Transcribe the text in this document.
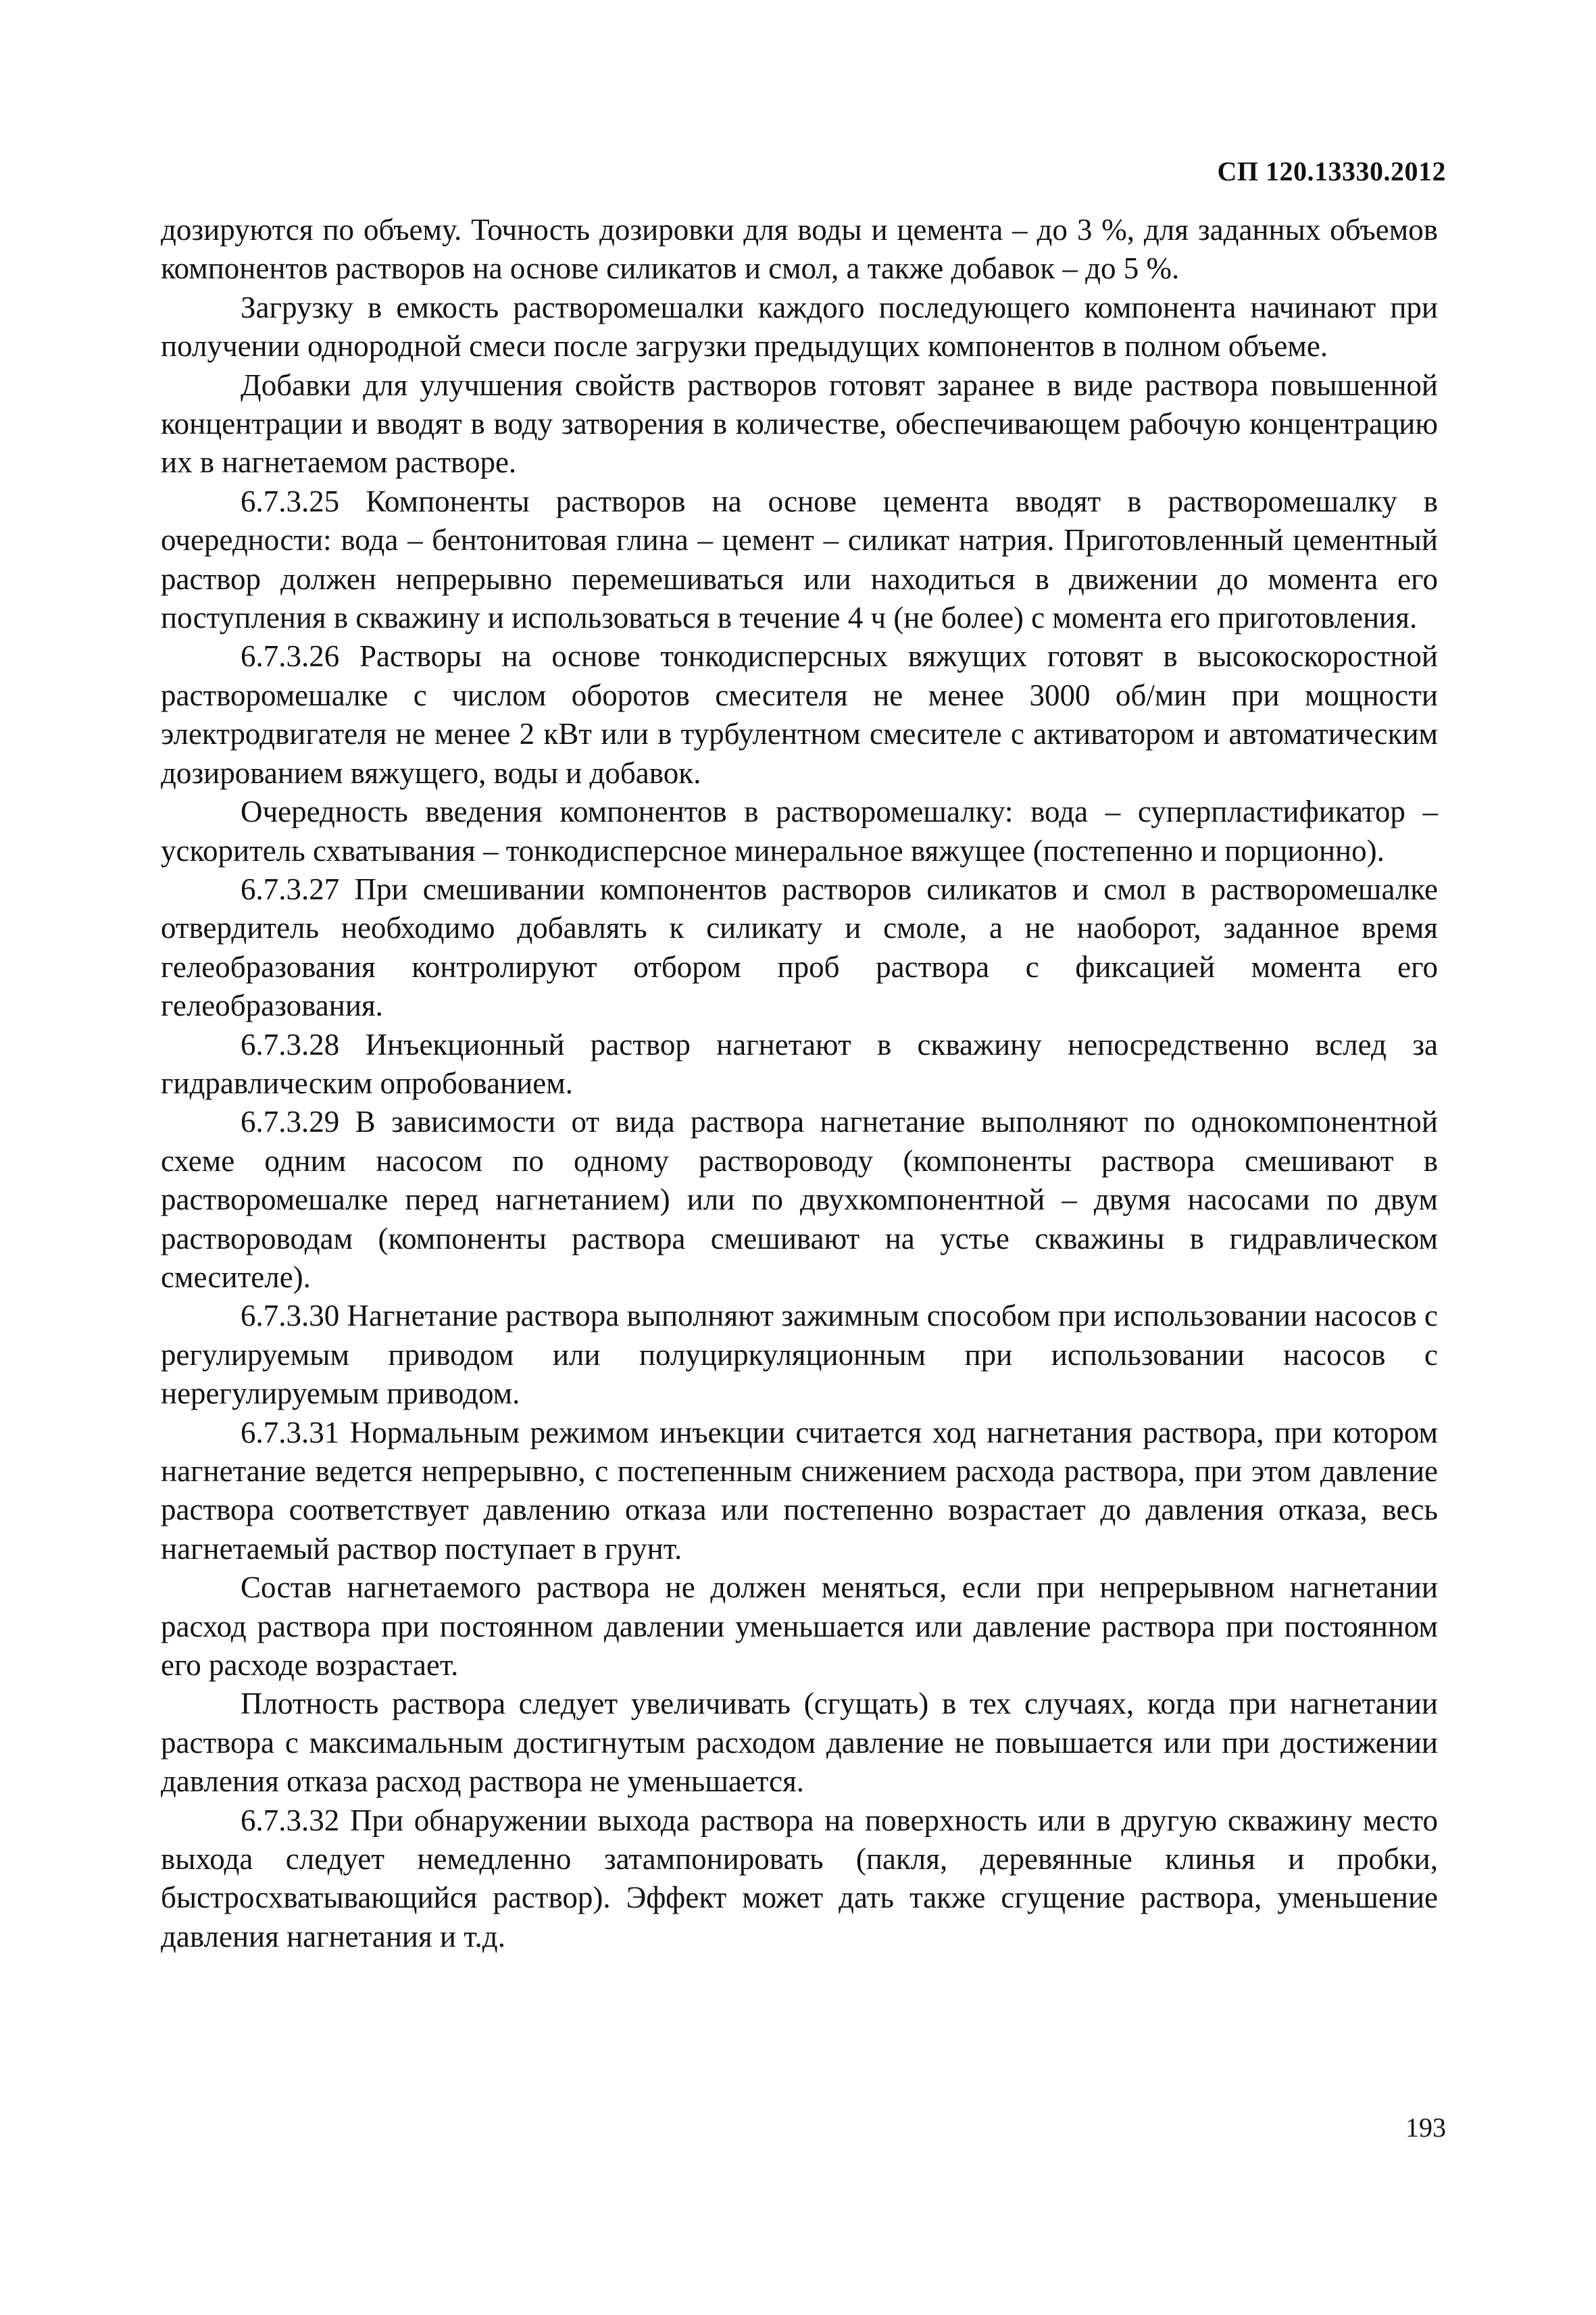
СП 120.13330.2012

дозируются по объему. Точность дозировки для воды и цемента – до 3 %, для заданных объемов компонентов растворов на основе силикатов и смол, а также добавок – до 5 %.

Загрузку в емкость растворомешалки каждого последующего компонента начинают при получении однородной смеси после загрузки предыдущих компонентов в полном объеме.

Добавки для улучшения свойств растворов готовят заранее в виде раствора повышенной концентрации и вводят в воду затворения в количестве, обеспечивающем рабочую концентрацию их в нагнетаемом растворе.

6.7.3.25 Компоненты растворов на основе цемента вводят в растворомешалку в очередности: вода – бентонитовая глина – цемент – силикат натрия. Приготовленный цементный раствор должен непрерывно перемешиваться или находиться в движении до момента его поступления в скважину и использоваться в течение 4 ч (не более) с момента его приготовления.

6.7.3.26 Растворы на основе тонкодисперсных вяжущих готовят в высокоскоростной растворомешалке с числом оборотов смесителя не менее 3000 об/мин при мощности электродвигателя не менее 2 кВт или в турбулентном смесителе с активатором и автоматическим дозированием вяжущего, воды и добавок.

Очередность введения компонентов в растворомешалку: вода – суперпластификатор – ускоритель схватывания – тонкодисперсное минеральное вяжущее (постепенно и порционно).

6.7.3.27 При смешивании компонентов растворов силикатов и смол в растворомешалке отвердитель необходимо добавлять к силикату и смоле, а не наоборот, заданное время гелеобразования контролируют отбором проб раствора с фиксацией момента его гелеобразования.

6.7.3.28 Инъекционный раствор нагнетают в скважину непосредственно вслед за гидравлическим опробованием.

6.7.3.29 В зависимости от вида раствора нагнетание выполняют по однокомпонентной схеме одним насосом по одному раствороводу (компоненты раствора смешивают в растворомешалке перед нагнетанием) или по двухкомпонентной – двумя насосами по двум раствороводам (компоненты раствора смешивают на устье скважины в гидравлическом смесителе).

6.7.3.30 Нагнетание раствора выполняют зажимным способом при использовании насосов с регулируемым приводом или полуциркуляционным при использовании насосов с нерегулируемым приводом.

6.7.3.31 Нормальным режимом инъекции считается ход нагнетания раствора, при котором нагнетание ведется непрерывно, с постепенным снижением расхода раствора, при этом давление раствора соответствует давлению отказа или постепенно возрастает до давления отказа, весь нагнетаемый раствор поступает в грунт.

Состав нагнетаемого раствора не должен меняться, если при непрерывном нагнетании расход раствора при постоянном давлении уменьшается или давление раствора при постоянном его расходе возрастает.

Плотность раствора следует увеличивать (сгущать) в тех случаях, когда при нагнетании раствора с максимальным достигнутым расходом давление не повышается или при достижении давления отказа расход раствора не уменьшается.

6.7.3.32 При обнаружении выхода раствора на поверхность или в другую скважину место выхода следует немедленно затампонировать (пакля, деревянные клинья и пробки, быстросхватывающийся раствор). Эффект может дать также сгущение раствора, уменьшение давления нагнетания и т.д.

193
